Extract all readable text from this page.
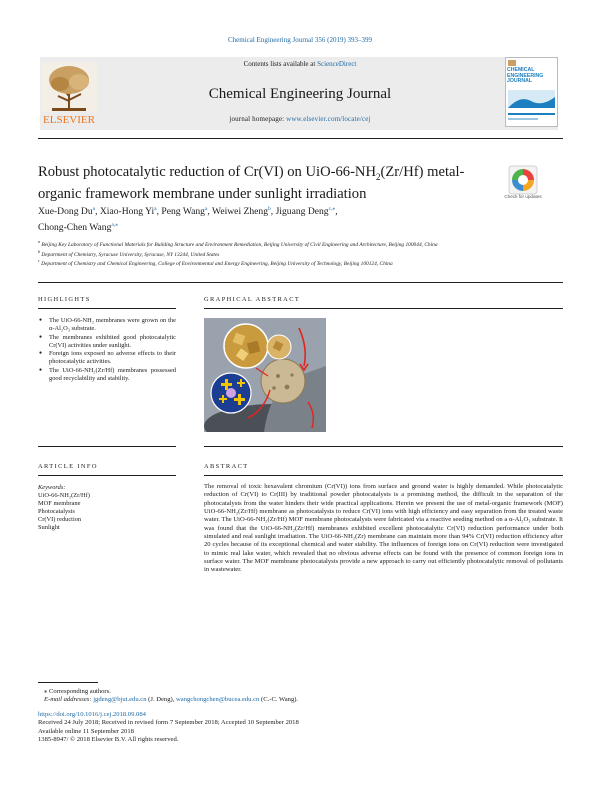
Chemical Engineering Journal 356 (2019) 393–399
ELSEVIER
Contents lists available at ScienceDirect
Chemical Engineering Journal
journal homepage: www.elsevier.com/locate/cej
CHEMICAL ENGINEERING JOURNAL
Robust photocatalytic reduction of Cr(VI) on UiO-$66-NH_2(Zr/Hf)$ metal-organic framework membrane under sunlight irradiation	Check for updates
Xue-Dong Du$^a$, Xiao-Hong Yi$^a$, Peng Wang$^a$, Weiwei Zheng$^b$, Jiguang Deng$^{c,⁎}$,
Chong-Chen Wang$^{a,⁎}$
$^a$ Beijing Key Laboratory of Functional Materials for Building Structure and Environment Remediation, Beijing University of Civil Engineering and Architecture, Beijing 100044, China
$^b$ Department of Chemistry, Syracuse University, Syracuse, NY 13244, United States
$^c$ Department of Chemistry and Chemical Engineering, College of Environmental and Energy Engineering, Beijing University of Technology, Beijing 100124, China
HIGHLIGHTS
● The UiO-66-NH₂ membranes were grown on the α-Al₂O₃ substrate.
● The membranes exhibited good photocatalytic Cr(VI) activities under sunlight.
● Foreign ions exposed no adverse effects to their photocatalytic activities.
● The UiO-66-NH₂(Zr/Hf) membranes possessed good recyclability and stability.
GRAPHICAL ABSTRACT
ARTICLE INFO
Keywords:
UiO-66-NH₂(Zr/Hf)
MOF membrane
Photocatalysis
Cr(VI) reduction
Sunlight
ABSTRACT
The removal of toxic hexavalent chromium (Cr(VI)) ions from surface and ground water is highly demanded. While photocatalytic reduction of Cr(VI) to Cr(III) by traditional powder photocatalysts is a promising method, the difficult in the separation of the photocatalysts from the water hinders their wide practical applications. Herein we present the use of metal-organic framework (MOF) UiO-66-NH₂(Zr/Hf) membrane as photocatalysts to reduce Cr(VI) ions with high efficiency and easy separation from the treated waste water. The UiO-66-NH₂(Zr/Hf) MOF membrane photocatalysts were fabricated via a reactive seeding method on a α-Al₂O₃ substrate. It was found that the UiO-66-NH₂(Zr/Hf) membranes exhibited excellent photocatalytic Cr(VI) reduction performance under both simulated and real sunlight irradiation. The UiO-66-NH₂(Zr) membrane can maintain more than 94% Cr(VI) reduction efficiency after 20 cycles because of its exceptional chemical and water stability. The influences of foreign ions on Cr(VI) reduction were investigated to mimic real lake water, which revealed that no obvious adverse effects can be found with the presence of common foreign ions in surface water. The MOF membrane photocatalysts provide a new approach to carry out efficiently photocatalytic removal of pollutants in wastewater.
⁎ Corresponding authors.
E-mail addresses: jgdeng@bjut.edu.cn (J. Deng), wangchongchen@bucea.edu.cn (C.-C. Wang).
https://doi.org/10.1016/j.cej.2018.09.084
Received 24 July 2018; Received in revised form 7 September 2018; Accepted 10 September 2018
Available online 11 September 2018
1385-8947/ © 2018 Elsevier B.V. All rights reserved.
